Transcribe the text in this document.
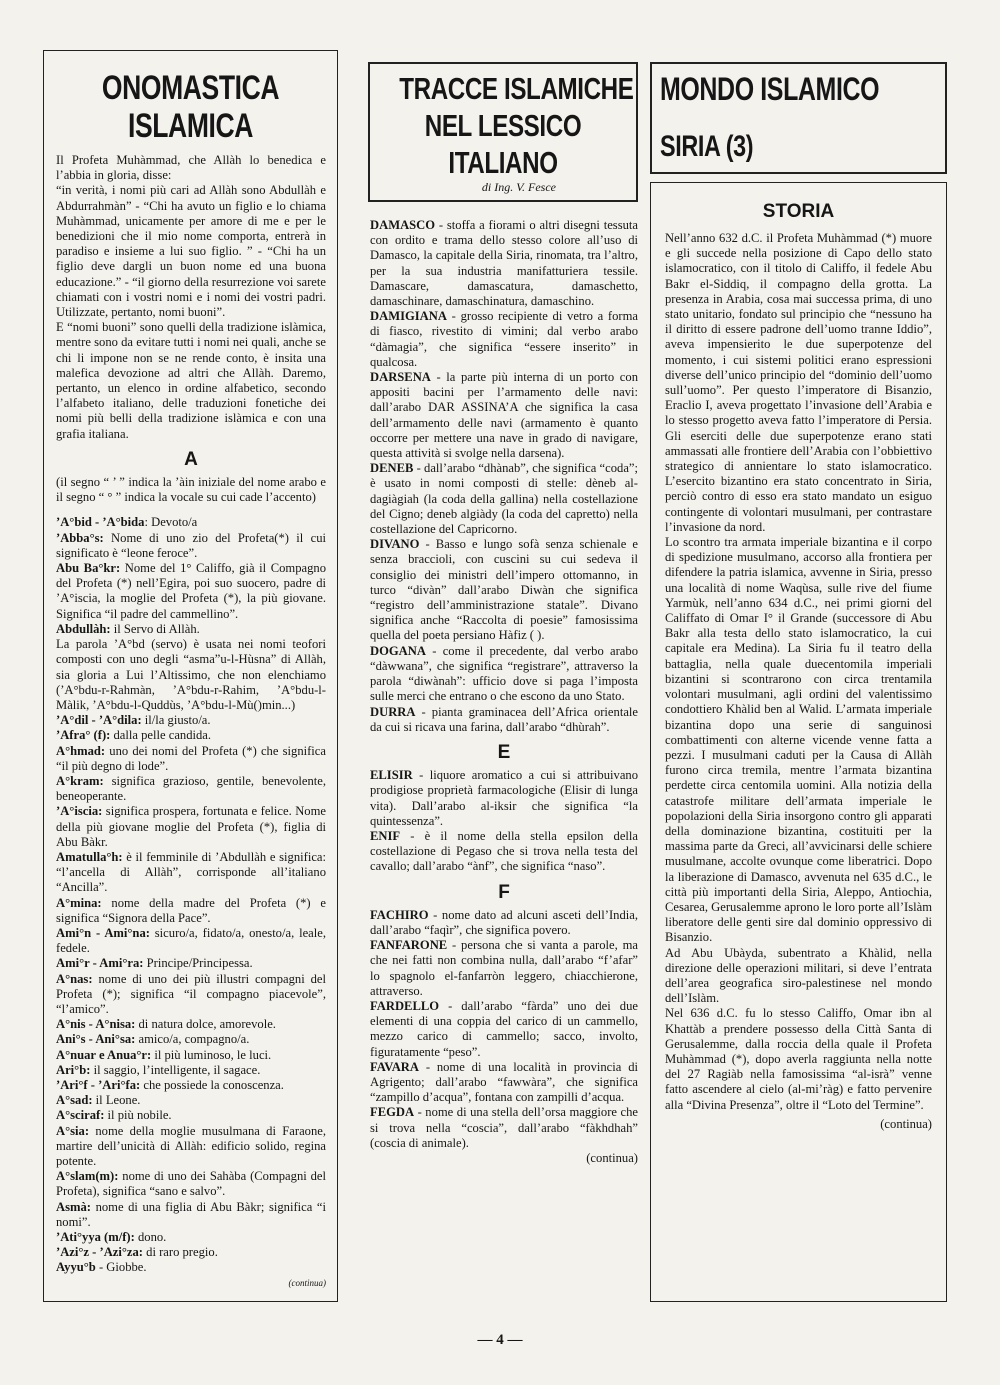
ONOMASTICA
ISLAMICA

Il Profeta Muhàmmad, che Allàh lo benedica e l’abbia in gloria, disse:

“in verità, i nomi più cari ad Allàh sono Abdullàh e Abdurrahmàn” - “Chi ha avuto un figlio e lo chiama Muhàmmad, unicamente per amore di me e per le benedizioni che il mio nome comporta, entrerà in paradiso e insieme a lui suo figlio. ” - “Chi ha un figlio deve dargli un buon nome ed una buona educazione.” - “il giorno della resurrezione voi sarete chiamati con i vostri nomi e i nomi dei vostri padri. Utilizzate, pertanto, nomi buoni”.

E “nomi buoni” sono quelli della tradizione islàmica, mentre sono da evitare tutti i nomi nei quali, anche se chi li impone non se ne rende conto, è insita una malefica devozione ad altri che Allàh. Daremo, pertanto, un elenco in ordine alfabetico, secondo l’alfabeto italiano, delle traduzioni fonetiche dei nomi più belli della tradizione islàmica e con una grafia italiana.

A

(il segno “ ’ ” indica la ’àin iniziale del nome arabo e il segno “ ° ” indica la vocale su cui cade l’accento)

’A°bid - ’A°bida: Devoto/a

’Abba°s: Nome di uno zio del Profeta(*) il cui significato è “leone feroce”.

Abu Ba°kr: Nome del 1° Califfo, già il Compagno del Profeta (*) nell’Egira, poi suo suocero, padre di ’A°iscia, la moglie del Profeta (*), la più giovane. Significa “il padre del cammellino”.

Abdullàh: il Servo di Allàh.

La parola ’A°bd (servo) è usata nei nomi teofori composti con uno degli “asma”u-l-Hùsna” di Allàh, sia gloria a Lui l’Altissimo, che non elenchiamo (’A°bdu-r-Rahmàn, ’A°bdu-r-Rahim, ’A°bdu-l-Màlik, ’A°bdu-l-Quddùs, ’A°bdu-l-Mù()min...)

’A°dil - ’A°dila: il/la giusto/a.

’Afra° (f): dalla pelle candida.

A°hmad: uno dei nomi del Profeta (*) che significa “il più degno di lode”.

A°kram: significa grazioso, gentile, benevolente, beneoperante.

’A°iscia: significa prospera, fortunata e felice. Nome della più giovane moglie del Profeta (*), figlia di Abu Bàkr.

Amatulla°h: è il femminile di ’Abdullàh e significa: “l’ancella di Allàh”, corrisponde all’italiano “Ancilla”.

A°mina: nome della madre del Profeta (*) e significa “Signora della Pace”.

Ami°n - Ami°na: sicuro/a, fidato/a, onesto/a, leale, fedele.

Ami°r - Ami°ra: Principe/Principessa.

A°nas: nome di uno dei più illustri compagni del Profeta (*); significa “il compagno piacevole”, “l’amico”.

A°nis - A°nisa: di natura dolce, amorevole.

Ani°s - Ani°sa: amico/a, compagno/a.

A°nuar e Anua°r: il più luminoso, le luci.

Ari°b: il saggio, l’intelligente, il sagace.

’Ari°f - ’Ari°fa: che possiede la conoscenza.

A°sad: il Leone.

A°sciraf: il più nobile.

A°sia: nome della moglie musulmana di Faraone, martire dell’unicità di Allàh: edificio solido, regina potente.

A°slam(m): nome di uno dei Sahàba (Compagni del Profeta), significa “sano e salvo”.

Asmà: nome di una figlia di Abu Bàkr; significa “i nomi”.

’Ati°yya (m/f): dono.

’Azi°z - ’Azi°za: di raro pregio.

Ayyu°b - Giobbe.

(continua)
TRACCE ISLAMICHE
NEL LESSICO
ITALIANO
di Ing. V. Fesce

DAMASCO - stoffa a fiorami o altri disegni tessuta con ordito e trama dello stesso colore all’uso di Damasco, la capitale della Siria, rinomata, tra l’altro, per la sua industria manifatturiera tessile. Damascare, damascatura, damaschetto, damaschinare, damaschinatura, damaschino.

DAMIGIANA - grosso recipiente di vetro a forma di fiasco, rivestito di vimini; dal verbo arabo “dàmagia”, che significa “essere inserito” in qualcosa.

DARSENA - la parte più interna di un porto con appositi bacini per l’armamento delle navi: dall’arabo DAR ASSINA’A che significa la casa dell’armamento delle navi (armamento è quanto occorre per mettere una nave in grado di navigare, questa attività si svolge nella darsena).

DENEB - dall’arabo “dhànab”, che significa “coda”; è usato in nomi composti di stelle: dèneb al-dagiàgiah (la coda della gallina) nella costellazione del Cigno; deneb algiàdy (la coda del capretto) nella costellazione del Capricorno.

DIVANO - Basso e lungo sofà senza schienale e senza braccioli, con cuscini su cui sedeva il consiglio dei ministri dell’impero ottomanno, in turco “divàn” dall’arabo Diwàn che significa “registro dell’amministrazione statale”. Divano significa anche “Raccolta di poesie” famosissima quella del poeta persiano Hàfiz ( ).

DOGANA - come il precedente, dal verbo arabo “dàwwana”, che significa “registrare”, attraverso la parola “diwànah”: ufficio dove si paga l’imposta sulle merci che entrano o che escono da uno Stato.

DURRA - pianta graminacea dell’Africa orientale da cui si ricava una farina, dall’arabo “dhùrah”.

E

ELISIR - liquore aromatico a cui si attribuivano prodigiose proprietà farmacologiche (Elisir di lunga vita). Dall’arabo al-iksir che significa “la quintessenza”.

ENIF - è il nome della stella epsilon della costellazione di Pegaso che si trova nella testa del cavallo; dall’arabo “ànf”, che significa “naso”.

F

FACHIRO - nome dato ad alcuni asceti dell’India, dall’arabo “faqìr”, che significa povero.

FANFARONE - persona che si vanta a parole, ma che nei fatti non combina nulla, dall’arabo “f’afar” lo spagnolo el-fanfarròn leggero, chiacchierone, attraverso.

FARDELLO - dall’arabo “fàrda” uno dei due elementi di una coppia del carico di un cammello, mezzo carico di cammello; sacco, involto, figuratamente “peso”.

FAVARA - nome di una località in provincia di Agrigento; dall’arabo “fawwàra”, che significa “zampillo d’acqua”, fontana con zampilli d’acqua.

FEGDA - nome di una stella dell’orsa maggiore che si trova nella “coscia”, dall’arabo “fàkhdhah” (coscia di animale).

(continua)
MONDO ISLAMICO
SIRIA (3)
STORIA

Nell’anno 632 d.C. il Profeta Muhàmmad (*) muore e gli succede nella posizione di Capo dello stato islamocratico, con il titolo di Califfo, il fedele Abu Bakr el-Siddiq, il compagno della grotta. La presenza in Arabia, cosa mai successa prima, di uno stato unitario, fondato sul principio che “nessuno ha il diritto di essere padrone dell’uomo tranne Iddio”, aveva impensierito le due superpotenze del momento, i cui sistemi politici erano espressioni diverse dell’unico principio del “dominio dell’uomo sull’uomo”. Per questo l’imperatore di Bisanzio, Eraclio I, aveva progettato l’invasione dell’Arabia e lo stesso progetto aveva fatto l’imperatore di Persia. Gli eserciti delle due superpotenze erano stati ammassati alle frontiere dell’Arabia con l’obbiettivo strategico di annientare lo stato islamocratico. L’esercito bizantino era stato concentrato in Siria, perciò contro di esso era stato mandato un esiguo contingente di volontari musulmani, per contrastare l’invasione da nord.

Lo scontro tra armata imperiale bizantina e il corpo di spedizione musulmano, accorso alla frontiera per difendere la patria islamica, avvenne in Siria, presso una località di nome Waqùsa, sulle rive del fiume Yarmùk, nell’anno 634 d.C., nei primi giorni del Califfato di Omar I° il Grande (successore di Abu Bakr alla testa dello stato islamocratico, la cui capitale era Medina). La Siria fu il teatro della battaglia, nella quale duecentomila imperiali bizantini si scontrarono con circa trentamila volontari musulmani, agli ordini del valentissimo condottiero Khàlid ben al Walid. L’armata imperiale bizantina dopo una serie di sanguinosi combattimenti con alterne vicende venne fatta a pezzi. I musulmani caduti per la Causa di Allàh furono circa tremila, mentre l’armata bizantina perdette circa centomila uomini. Alla notizia della catastrofe militare dell’armata imperiale le popolazioni della Siria insorgono contro gli apparati della dominazione bizantina, costituiti per la massima parte da Greci, all’avvicinarsi delle schiere musulmane, accolte ovunque come liberatrici. Dopo la liberazione di Damasco, avvenuta nel 635 d.C., le città più importanti della Siria, Aleppo, Antiochia, Cesarea, Gerusalemme aprono le loro porte all’Islàm liberatore delle genti sire dal dominio oppressivo di Bisanzio.

Ad Abu Ubàyda, subentrato a Khàlid, nella direzione delle operazioni militari, si deve l’entrata dell’area geografica siro-palestinese nel mondo dell’Islàm.

Nel 636 d.C. fu lo stesso Califfo, Omar ibn al Khattàb a prendere possesso della Città Santa di Gerusalemme, dalla roccia della quale il Profeta Muhàmmad (*), dopo averla raggiunta nella notte del 27 Ragiàb nella famosissima “al-isrà” venne fatto ascendere al cielo (al-mi’ràg) e fatto pervenire alla “Divina Presenza”, oltre il “Loto del Termine”.

(continua)
— 4 —
